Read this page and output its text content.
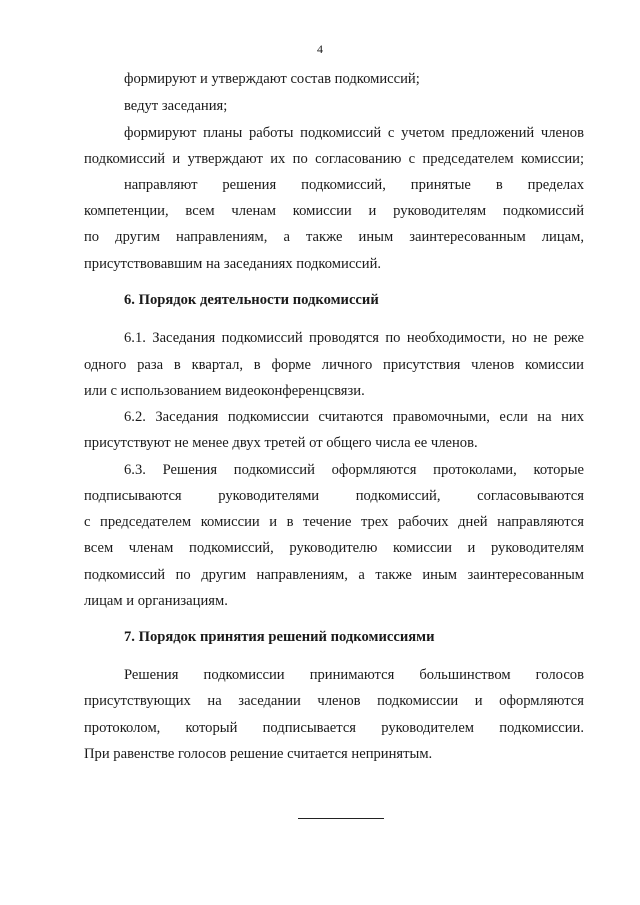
4
формируют и утверждают состав подкомиссий;
ведут заседания;
формируют планы работы подкомиссий с учетом предложений членов
подкомиссий и утверждают их по согласованию с председателем комиссии;
направляют решения подкомиссий, принятые в пределах
компетенции, всем членам комиссии и руководителям подкомиссий
по другим направлениям, а также иным заинтересованным лицам,
присутствовавшим на заседаниях подкомиссий.
6. Порядок деятельности подкомиссий
6.1. Заседания подкомиссий проводятся по необходимости, но не реже
одного раза в квартал, в форме личного присутствия членов комиссии
или с использованием видеоконференцсвязи.
6.2. Заседания подкомиссии считаются правомочными, если на них
присутствуют не менее двух третей от общего числа ее членов.
6.3. Решения подкомиссий оформляются протоколами, которые
подписываются руководителями подкомиссий, согласовываются
с председателем комиссии и в течение трех рабочих дней направляются
всем членам подкомиссий, руководителю комиссии и руководителям
подкомиссий по другим направлениям, а также иным заинтересованным
лицам и организациям.
7. Порядок принятия решений подкомиссиями
Решения подкомиссии принимаются большинством голосов
присутствующих на заседании членов подкомиссии и оформляются
протоколом, который подписывается руководителем подкомиссии.
При равенстве голосов решение считается непринятым.
